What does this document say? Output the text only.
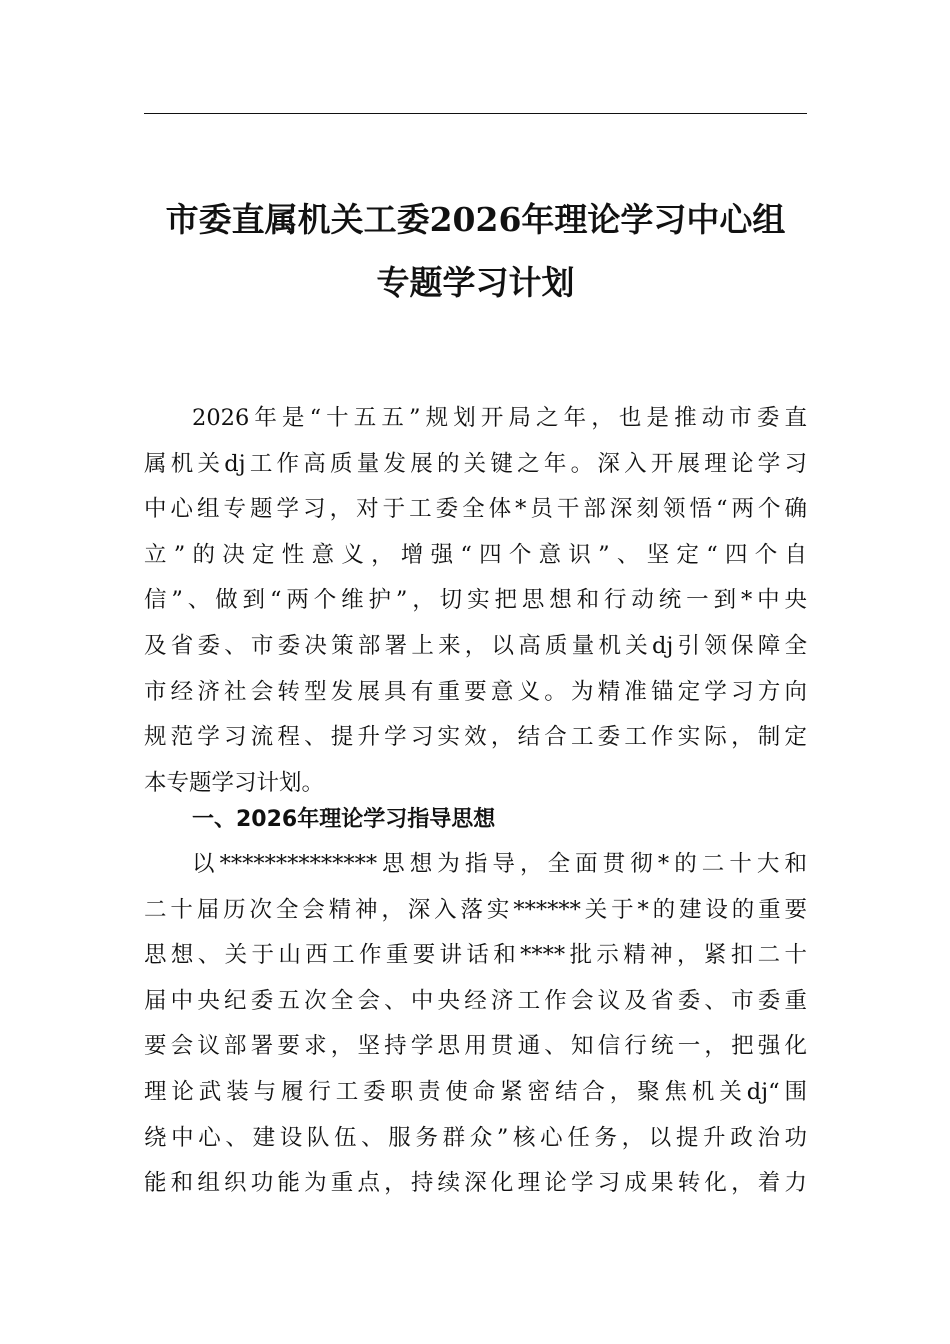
市委直属机关工委2026年理论学习中心组
专题学习计划
2026年是“十五五”规划开局之年，也是推动市委直
属机关dj工作高质量发展的关键之年。深入开展理论学习
中心组专题学习，对于工委全体*员干部深刻领悟“两个确
立”的决定性意义，增强“四个意识”、坚定“四个自
信”、做到“两个维护”，切实把思想和行动统一到*中央
及省委、市委决策部署上来，以高质量机关dj引领保障全
市经济社会转型发展具有重要意义。为精准锚定学习方向
规范学习流程、提升学习实效，结合工委工作实际，制定
本专题学习计划。
一、2026年理论学习指导思想
以**************思想为指导，全面贯彻*的二十大和
二十届历次全会精神，深入落实******关于*的建设的重要
思想、关于山西工作重要讲话和****批示精神，紧扣二十
届中央纪委五次全会、中央经济工作会议及省委、市委重
要会议部署要求，坚持学思用贯通、知信行统一，把强化
理论武装与履行工委职责使命紧密结合，聚焦机关dj“围
绕中心、建设队伍、服务群众”核心任务，以提升政治功
能和组织功能为重点，持续深化理论学习成果转化，着力
